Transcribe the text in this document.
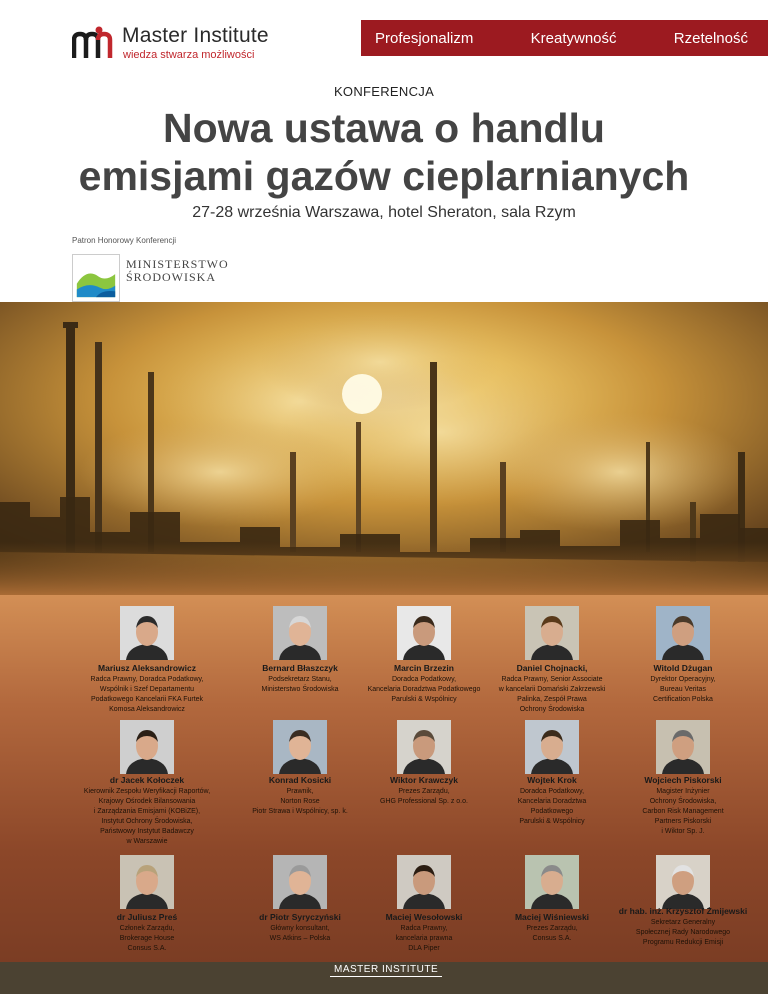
Master Institute
wiedza stwarza możliwości
Profesjonalizm	Kreatywność	Rzetelność
KONFERENCJA
Nowa ustawa o handlu
emisjami gazów cieplarnianych
27-28 września Warszawa, hotel Sheraton, sala Rzym
Patron Honorowy Konferencji
MINISTERSTWO
ŚRODOWISKA
Mariusz Aleksandrowicz
Radca Prawny, Doradca Podatkowy,
Wspólnik i Szef Departamentu
Podatkowego Kancelarii FKA Furtek
Komosa Aleksandrowicz
Bernard Błaszczyk
Podsekretarz Stanu,
Ministerstwo Środowiska
Marcin Brzezin
Doradca Podatkowy,
Kancelaria Doradztwa Podatkowego
Parulski & Wspólnicy
Daniel Chojnacki,
Radca Prawny, Senior Associate
w kancelarii Domański Zakrzewski
Palinka, Zespół Prawa
Ochrony Środowiska
Witold Dżugan
Dyrektor Operacyjny,
Bureau Veritas
Certification Polska
dr Jacek Kołoczek
Kierownik Zespołu Weryfikacji Raportów,
Krajowy Ośrodek Bilansowania
i Zarządzania Emisjami (KOBiZE),
Instytut Ochrony Środowiska,
Państwowy Instytut Badawczy
w Warszawie
Konrad Kosicki
Prawnik,
Norton Rose
Piotr Strawa i Wspólnicy, sp. k.
Wiktor Krawczyk
Prezes Zarządu,
GHG Professional Sp. z o.o.
Wojtek Krok
Doradca Podatkowy,
Kancelaria Doradztwa
Podatkowego
Parulski & Wspólnicy
Wojciech Piskorski
Magister Inżynier
Ochrony Środowiska,
Carbon Risk Management
Partners Piskorski
i Wiktor Sp. J.
dr Juliusz Preś
Członek Zarządu,
Brokerage House
Consus S.A.
dr Piotr Syryczyński
Główny konsultant,
WS Atkins – Polska
Maciej Wesołowski
Radca Prawny,
kancelaria prawna
DLA Piper
Maciej Wiśniewski
Prezes Zarządu,
Consus S.A.
dr hab. inż. Krzysztof Żmijewski
Sekretarz Generalny
Społecznej Rady Narodowego
Programu Redukcji Emisji
MASTER INSTITUTE
